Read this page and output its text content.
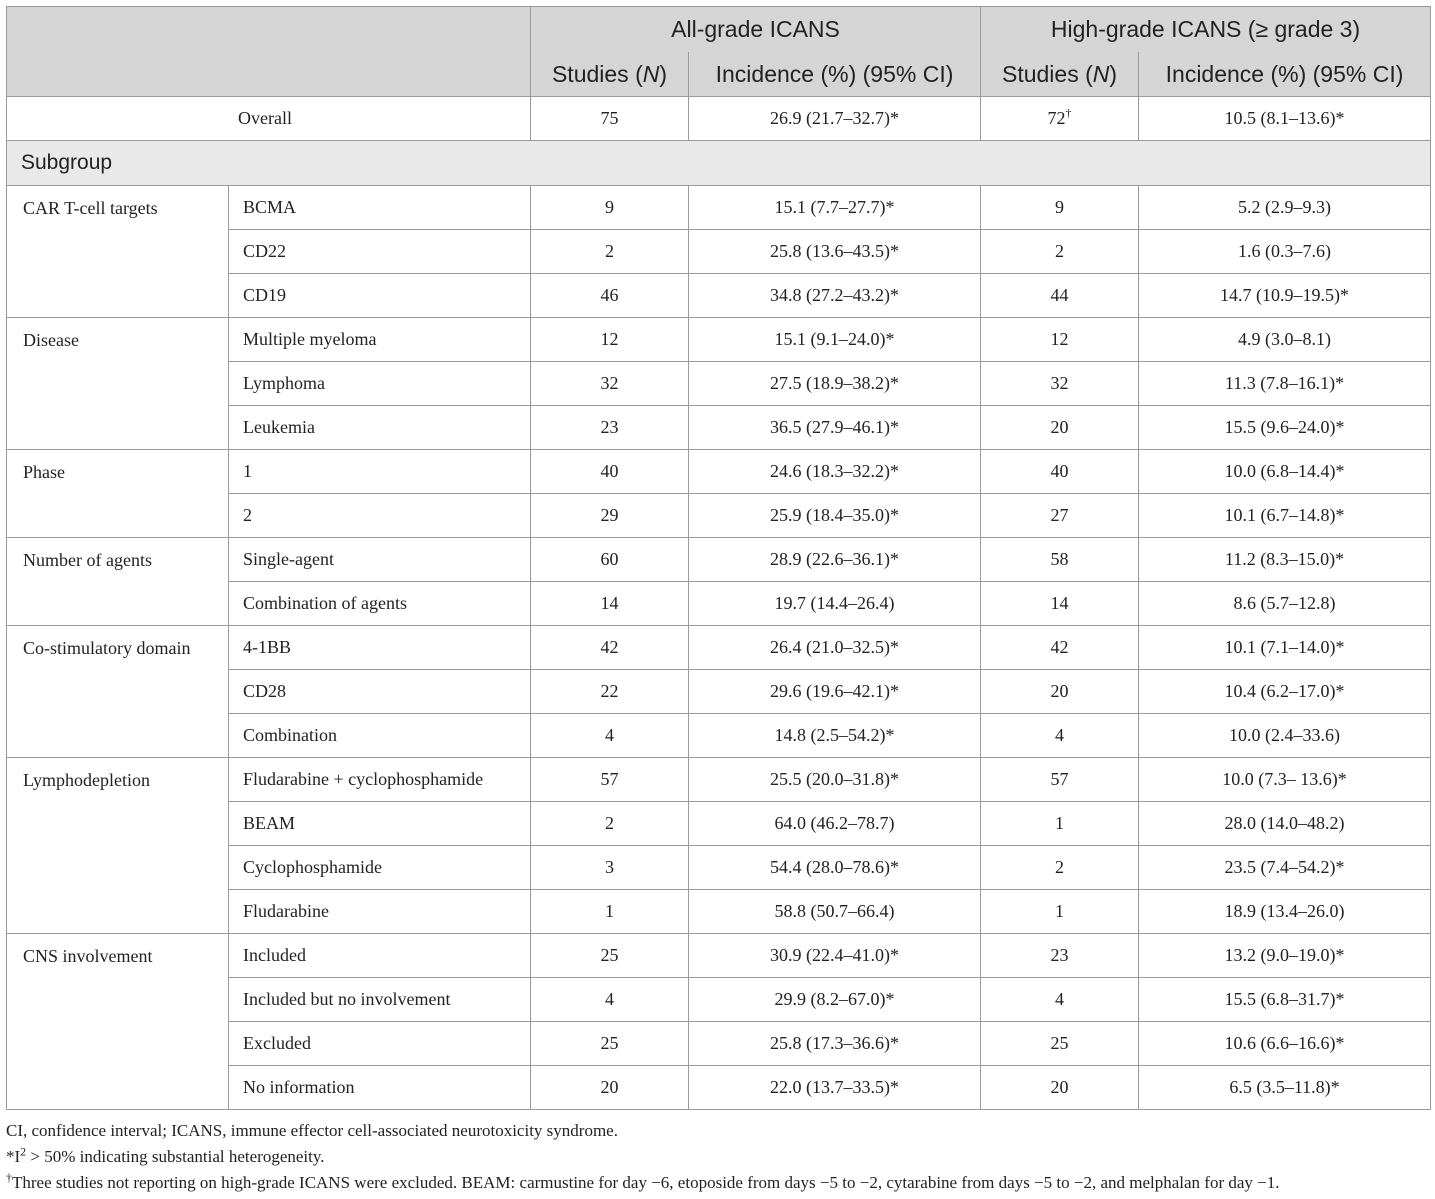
		All-grade ICANS		High-grade ICANS (≥ grade 3)	
		Studies (N)	Incidence (%) (95% CI)	Studies (N)	Incidence (%) (95% CI)
Overall		75	26.9 (21.7–32.7)*	72†	10.5 (8.1–13.6)*
Subgroup					
CAR T-cell targets	BCMA	9	15.1 (7.7–27.7)*	9	5.2 (2.9–9.3)
	CD22	2	25.8 (13.6–43.5)*	2	1.6 (0.3–7.6)
	CD19	46	34.8 (27.2–43.2)*	44	14.7 (10.9–19.5)*
Disease	Multiple myeloma	12	15.1 (9.1–24.0)*	12	4.9 (3.0–8.1)
	Lymphoma	32	27.5 (18.9–38.2)*	32	11.3 (7.8–16.1)*
	Leukemia	23	36.5 (27.9–46.1)*	20	15.5 (9.6–24.0)*
Phase	1	40	24.6 (18.3–32.2)*	40	10.0 (6.8–14.4)*
	2	29	25.9 (18.4–35.0)*	27	10.1 (6.7–14.8)*
Number of agents	Single-agent	60	28.9 (22.6–36.1)*	58	11.2 (8.3–15.0)*
	Combination of agents	14	19.7 (14.4–26.4)	14	8.6 (5.7–12.8)
Co-stimulatory domain	4-1BB	42	26.4 (21.0–32.5)*	42	10.1 (7.1–14.0)*
	CD28	22	29.6 (19.6–42.1)*	20	10.4 (6.2–17.0)*
	Combination	4	14.8 (2.5–54.2)*	4	10.0 (2.4–33.6)
Lymphodepletion	Fludarabine + cyclophosphamide	57	25.5 (20.0–31.8)*	57	10.0 (7.3– 13.6)*
	BEAM	2	64.0 (46.2–78.7)	1	28.0 (14.0–48.2)
	Cyclophosphamide	3	54.4 (28.0–78.6)*	2	23.5 (7.4–54.2)*
	Fludarabine	1	58.8 (50.7–66.4)	1	18.9 (13.4–26.0)
CNS involvement	Included	25	30.9 (22.4–41.0)*	23	13.2 (9.0–19.0)*
	Included but no involvement	4	29.9 (8.2–67.0)*	4	15.5 (6.8–31.7)*
	Excluded	25	25.8 (17.3–36.6)*	25	10.6 (6.6–16.6)*
	No information	20	22.0 (13.7–33.5)*	20	6.5 (3.5–11.8)*
CI, confidence interval; ICANS, immune effector cell-associated neurotoxicity syndrome.
$*I^2 > 50\%$ indicating substantial heterogeneity.
†Three studies not reporting on high-grade ICANS were excluded. BEAM: carmustine for day −6, etoposide from days −5 to −2, cytarabine from days −5 to −2, and melphalan for day −1.
